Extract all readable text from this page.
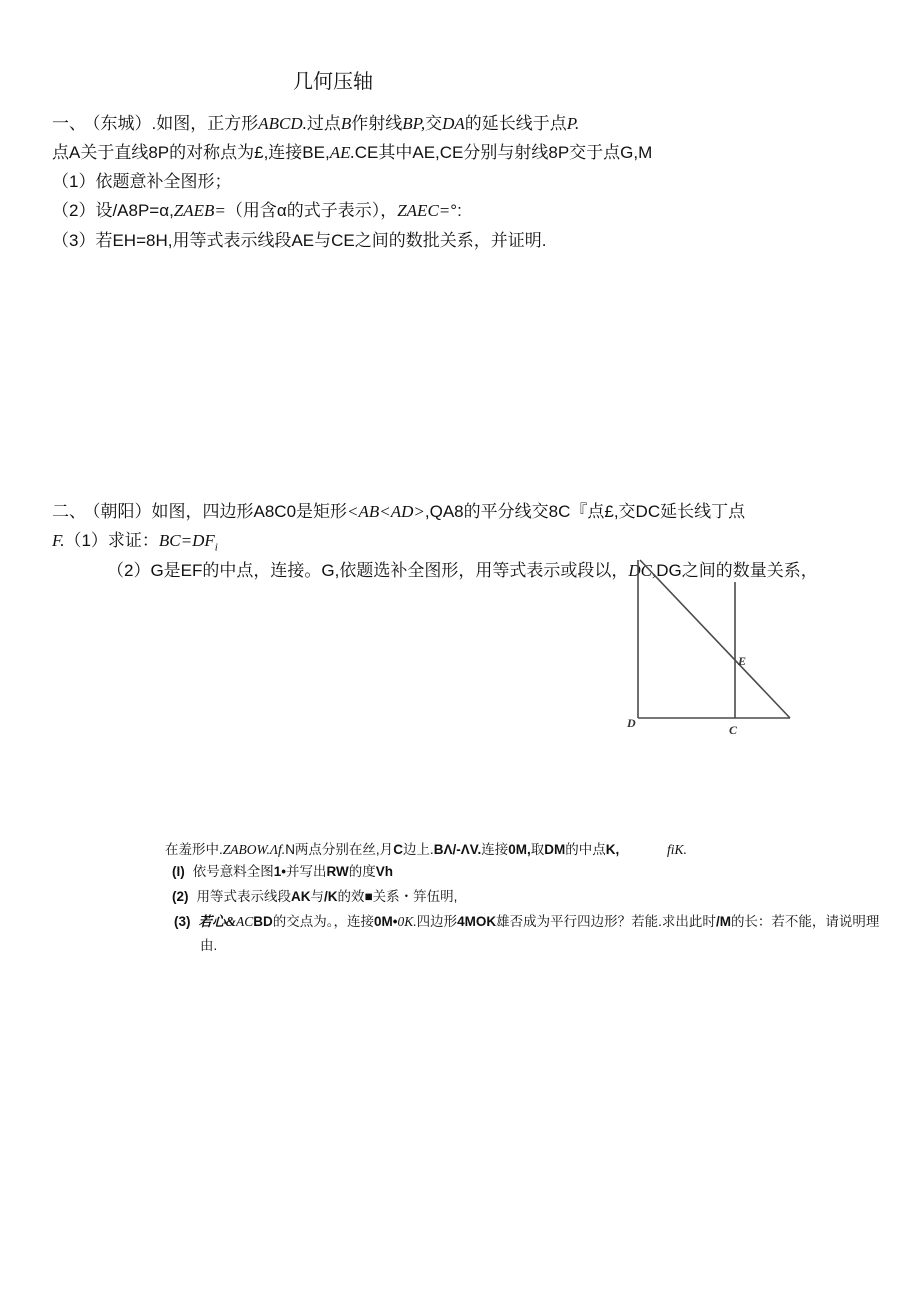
几何压轴
一、 （东城）.如图，正方形ABCD.过点B作射线BP,交DA的延长线于点P.
点A关于直线8P的对称点为£,连接BE,AE.CE其中AE,CE分别与射线8P交于点G,M
（1）依题意补全图形；
（2）设/A8P=α,ZAEB=（用含α的式子表示），ZAEC=°:
（3）若EH=8H,用等式表示线段AE与CE之间的数批关系，并证明.
二、 （朝阳）如图，四边形A8C0是矩形<AB<AD>,QA8的平分线交8C『点£,交DC延长线丁点
F.（1）求证：$BC=DF_i$
（2）G是EF的中点，连接。G,依题选补全图形，用等式表示或段以，DC,DG之间的数量关系，
E
D	C
在羞形中.ZABOW.Λf.N两点分别在丝,月C边上.BΛ/-ΛV.连接0M,取DM的中点K,	fiK.
(I) 依号意料全图1•并写出RW的度Vh
(2) 用等式表示线段AK与/K的效■关系・笄伍明,
(3) 若心&ACBD的交点为。，连接0M•0K.四边形4MOK雄否成为平行四边形？若能.求出此时/M的长：若不能，请说明理
由.
